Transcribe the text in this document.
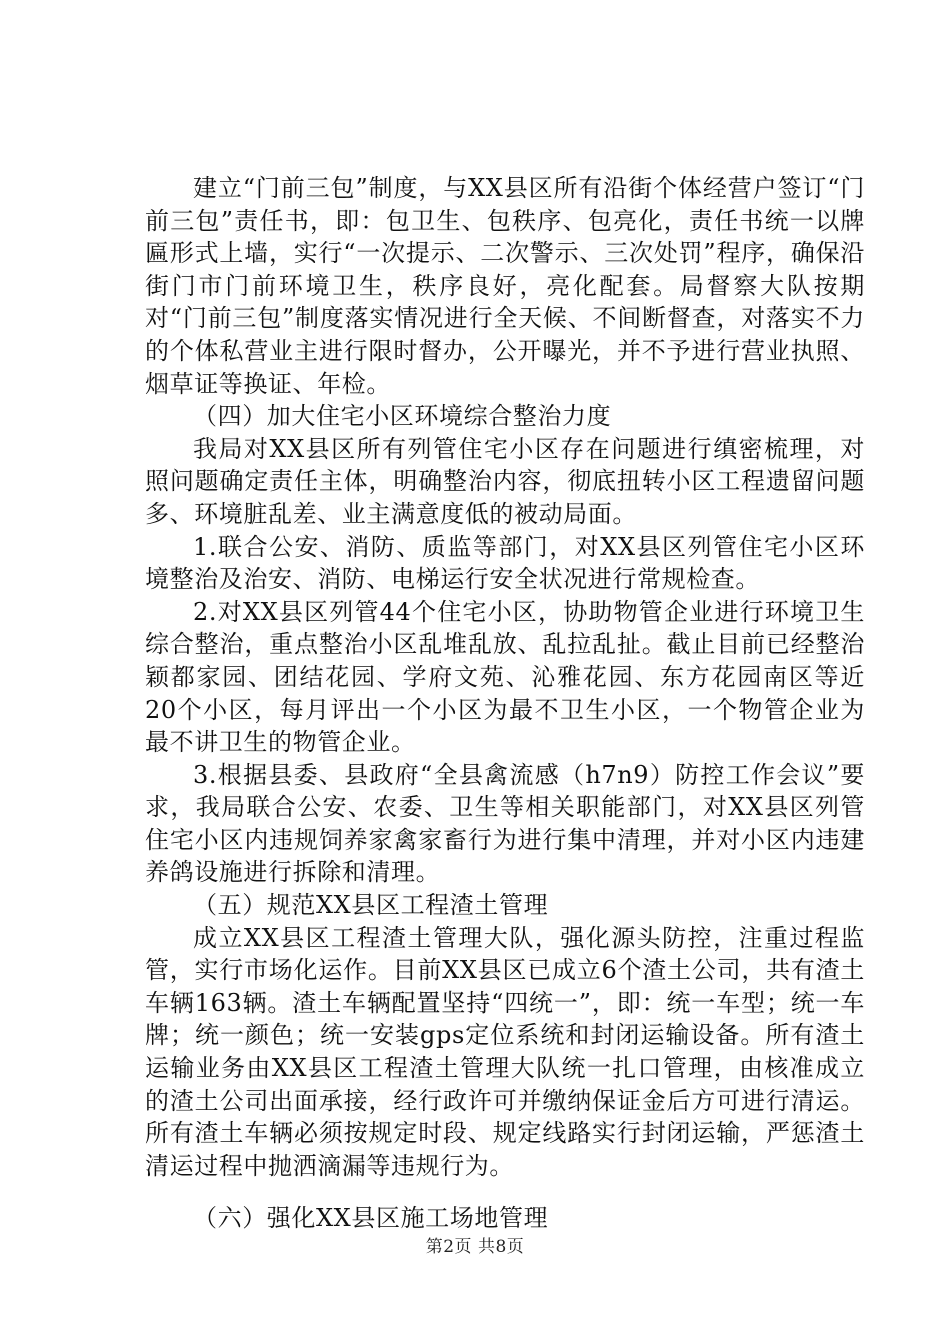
建立“门前三包”制度，与XX县区所有沿街个体经营户签订“门前三包”责任书，即：包卫生、包秩序、包亮化，责任书统一以牌匾形式上墙，实行“一次提示、二次警示、三次处罚”程序，确保沿街门市门前环境卫生，秩序良好，亮化配套。局督察大队按期对“门前三包”制度落实情况进行全天候、不间断督查，对落实不力的个体私营业主进行限时督办，公开曝光，并不予进行营业执照、烟草证等换证、年检。

（四）加大住宅小区环境综合整治力度

我局对XX县区所有列管住宅小区存在问题进行缜密梳理，对照问题确定责任主体，明确整治内容，彻底扭转小区工程遗留问题多、环境脏乱差、业主满意度低的被动局面。

1.联合公安、消防、质监等部门，对XX县区列管住宅小区环境整治及治安、消防、电梯运行安全状况进行常规检查。

2.对XX县区列管44个住宅小区，协助物管企业进行环境卫生综合整治，重点整治小区乱堆乱放、乱拉乱扯。截止目前已经整治颖都家园、团结花园、学府文苑、沁雅花园、东方花园南区等近20个小区，每月评出一个小区为最不卫生小区，一个物管企业为最不讲卫生的物管企业。

3.根据县委、县政府“全县禽流感（h7n9）防控工作会议”要求，我局联合公安、农委、卫生等相关职能部门，对XX县区列管住宅小区内违规饲养家禽家畜行为进行集中清理，并对小区内违建养鸽设施进行拆除和清理。

（五）规范XX县区工程渣土管理

成立XX县区工程渣土管理大队，强化源头防控，注重过程监管，实行市场化运作。目前XX县区已成立6个渣土公司，共有渣土车辆163辆。渣土车辆配置坚持“四统一”，即：统一车型；统一车牌；统一颜色；统一安装gps定位系统和封闭运输设备。所有渣土运输业务由XX县区工程渣土管理大队统一扎口管理，由核准成立的渣土公司出面承接，经行政许可并缴纳保证金后方可进行清运。所有渣土车辆必须按规定时段、规定线路实行封闭运输，严惩渣土清运过程中抛洒滴漏等违规行为。

（六）强化XX县区施工场地管理

第2页 共8页
